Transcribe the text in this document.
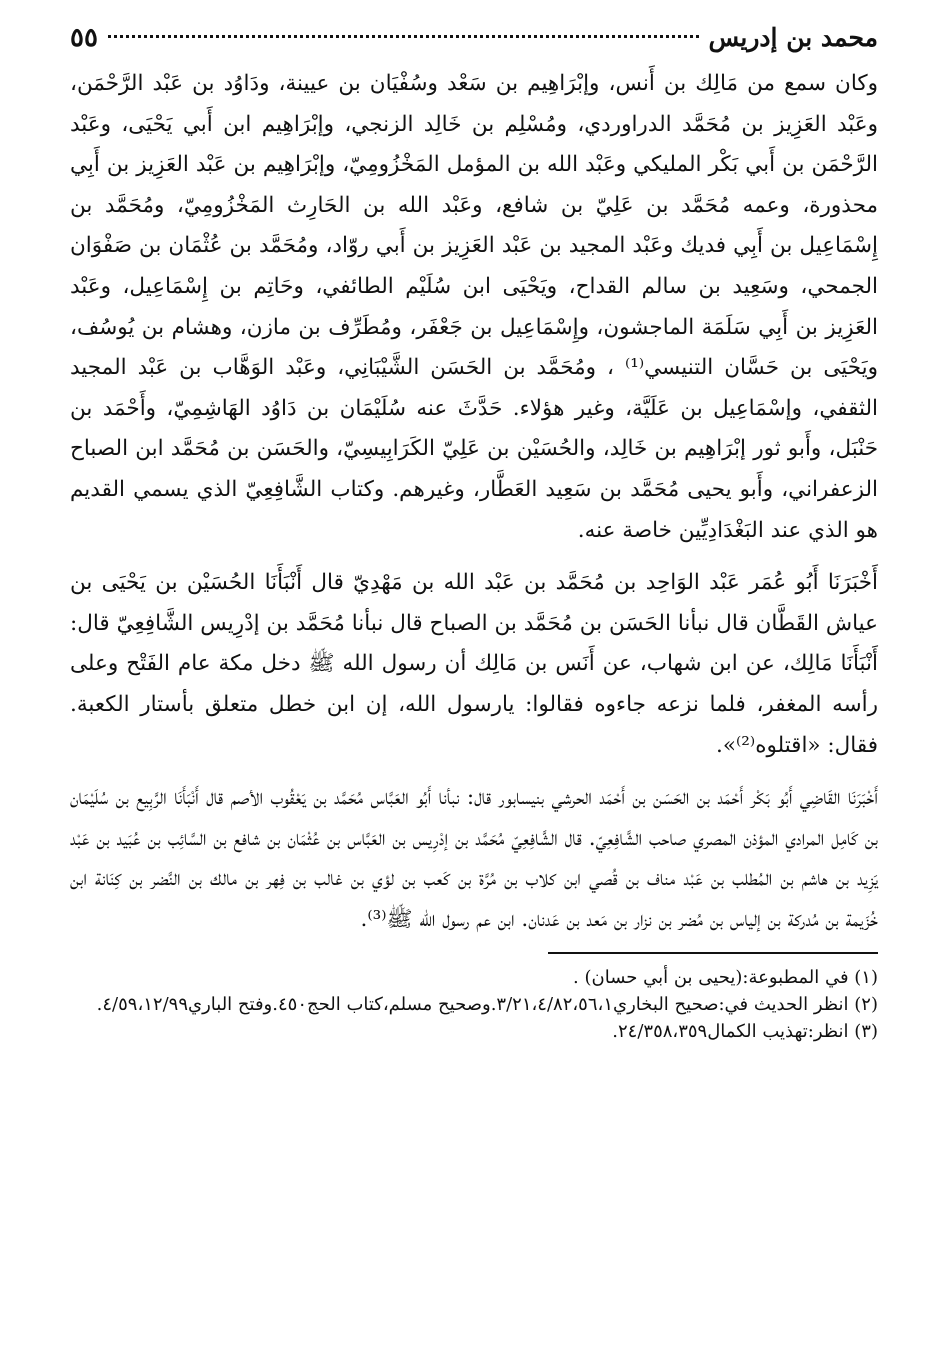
محمد بن إدريس
٥٥

وكان سمع من مَالِك بن أَنس، وإبْرَاهِيم بن سَعْد وسُفْيَان بن عيينة، ودَاوُد بن عَبْد الرَّحْمَن، وعَبْد العَزِيز بن مُحَمَّد الدراوردي، ومُسْلِم بن خَالِد الزنجي، وإبْرَاهِيم ابن أَبي يَحْيَى، وعَبْد الرَّحْمَن بن أَبي بَكْر المليكي وعَبْد الله بن المؤمل المَخْزُومِيّ، وإبْرَاهِيم بن عَبْد العَزِيز بن أَبِي محذورة، وعمه مُحَمَّد بن عَلِيّ بن شافع، وعَبْد الله بن الحَارِث المَخْزُومِيّ، ومُحَمَّد بن إِسْمَاعِيل بن أَبِي فديك وعَبْد المجيد بن عَبْد العَزِيز بن أَبي روّاد، ومُحَمَّد بن عُثْمَان بن صَفْوَان الجمحي، وسَعِيد بن سالم القداح، ويَحْيَى ابن سُلَيْم الطائفي، وحَاتِم بن إِسْمَاعِيل، وعَبْد العَزِيز بن أَبِي سَلَمَة الماجشون، وإِسْمَاعِيل بن جَعْفَر، ومُطَرِّف بن مازن، وهشام بن يُوسُف، ويَحْيَى بن حَسَّان التنيسي⁽¹⁾ ، ومُحَمَّد بن الحَسَن الشَّيْبَانِي، وعَبْد الوَهَّاب بن عَبْد المجيد الثقفي، وإسْمَاعِيل بن عَلَيَّة، وغير هؤلاء. حَدَّثَ عنه سُلَيْمَان بن دَاوُد الهَاشِمِيّ، وأَحْمَد بن حَنْبَل، وأَبو ثور إبْرَاهِيم بن خَالِد، والحُسَيْن بن عَلِيّ الكَرَابِيسِيّ، والحَسَن بن مُحَمَّد ابن الصباح الزعفراني، وأَبو يحيى مُحَمَّد بن سَعِيد العَطَّار، وغيرهم. وكتاب الشَّافِعِيّ الذي يسمي القديم هو الذي عند البَغْدَادِيِّين خاصة عنه.

أَخْبَرَنَا أَبُو عُمَر عَبْد الوَاحِد بن مُحَمَّد بن عَبْد الله بن مَهْدِيّ قال أَنْبَأَنَا الحُسَيْن بن يَحْيَى بن عياش القَطَّان قال نبأنا الحَسَن بن مُحَمَّد بن الصباح قال نبأنا مُحَمَّد بن إدْرِيس الشَّافِعِيّ قال: أَنْبَأَنَا مَالِك، عن ابن شهاب، عن أَنَس بن مَالِك أن رسول الله ﷺ دخل مكة عام الفَتْح وعلى رأسه المغفر، فلما نزعه جاءوه فقالوا: يارسول الله، إن ابن خطل متعلق بأستار الكعبة. فقال: «اقتلوه⁽²⁾».

أَخْبَرَنَا القَاضِي أَبُو بَكْر أَحْمَد بن الحَسَن بن أَحْمَد الحرشي بنيسابور قال: نبأنا أَبُو العَبَّاس مُحَمَّد بن يَعْقُوب الأصم قال أَنْبَأَنَا الرَّبِيع بن سُلَيْمَان بن كَامِل المرادي المؤذن المصري صاحب الشَّافِعِيّ. قال الشَّافِعِيّ مُحَمَّد بن إدْرِيس بن العَبَّاس بن عُثْمَان بن شافع بن السَّائِب بن عُبَيد بن عَبْد يَزِيد بن هاشم بن المُطلب بن عَبْد مناف بن قُصي ابن كلاب بن مُرَّة بن كَعب بن لؤي بن غالب بن فِهر بن مالك بن النَّضر بن كِنَانة ابن خُزَيمة بن مُدركة بن إلياس بن مُضر بن نزار بن مَعد بن عَدنان. ابن عم رسول الله ﷺ⁽³⁾.

(١) في المطبوعة:(يحيى بن أبي حسان) .

(٢) انظر الحديث في:صحيح البخاري٣/٢١،٤/٨٢،٥٦،١.وصحيح مسلم،كتاب الحج٤٥٠.وفتح الباري٤/٥٩،١٢/٩٩.

(٣) انظر:تهذيب الكمال٢٤/٣٥٨،٣٥٩.
